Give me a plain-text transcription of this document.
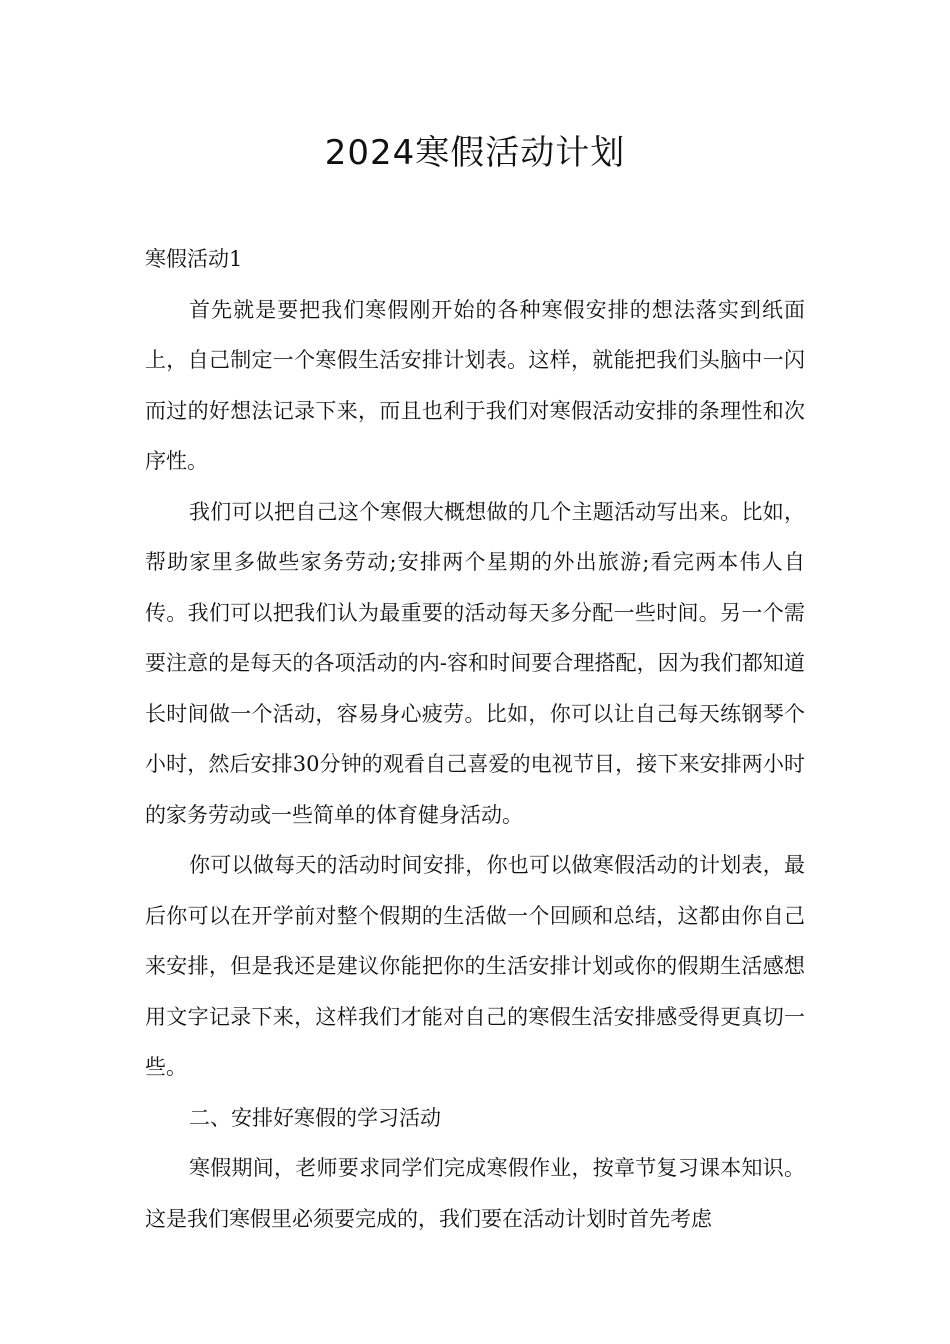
2024寒假活动计划

寒假活动1

首先就是要把我们寒假刚开始的各种寒假安排的想法落实到纸面上，自己制定一个寒假生活安排计划表。这样，就能把我们头脑中一闪而过的好想法记录下来，而且也利于我们对寒假活动安排的条理性和次序性。

我们可以把自己这个寒假大概想做的几个主题活动写出来。比如，帮助家里多做些家务劳动;安排两个星期的外出旅游;看完两本伟人自传。我们可以把我们认为最重要的活动每天多分配一些时间。另一个需要注意的是每天的各项活动的内-容和时间要合理搭配，因为我们都知道长时间做一个活动，容易身心疲劳。比如，你可以让自己每天练钢琴个小时，然后安排30分钟的观看自己喜爱的电视节目，接下来安排两小时的家务劳动或一些简单的体育健身活动。

你可以做每天的活动时间安排，你也可以做寒假活动的计划表，最后你可以在开学前对整个假期的生活做一个回顾和总结，这都由你自己来安排，但是我还是建议你能把你的生活安排计划或你的假期生活感想用文字记录下来，这样我们才能对自己的寒假生活安排感受得更真切一些。

二、安排好寒假的学习活动

寒假期间，老师要求同学们完成寒假作业，按章节复习课本知识。这是我们寒假里必须要完成的，我们要在活动计划时首先考虑
